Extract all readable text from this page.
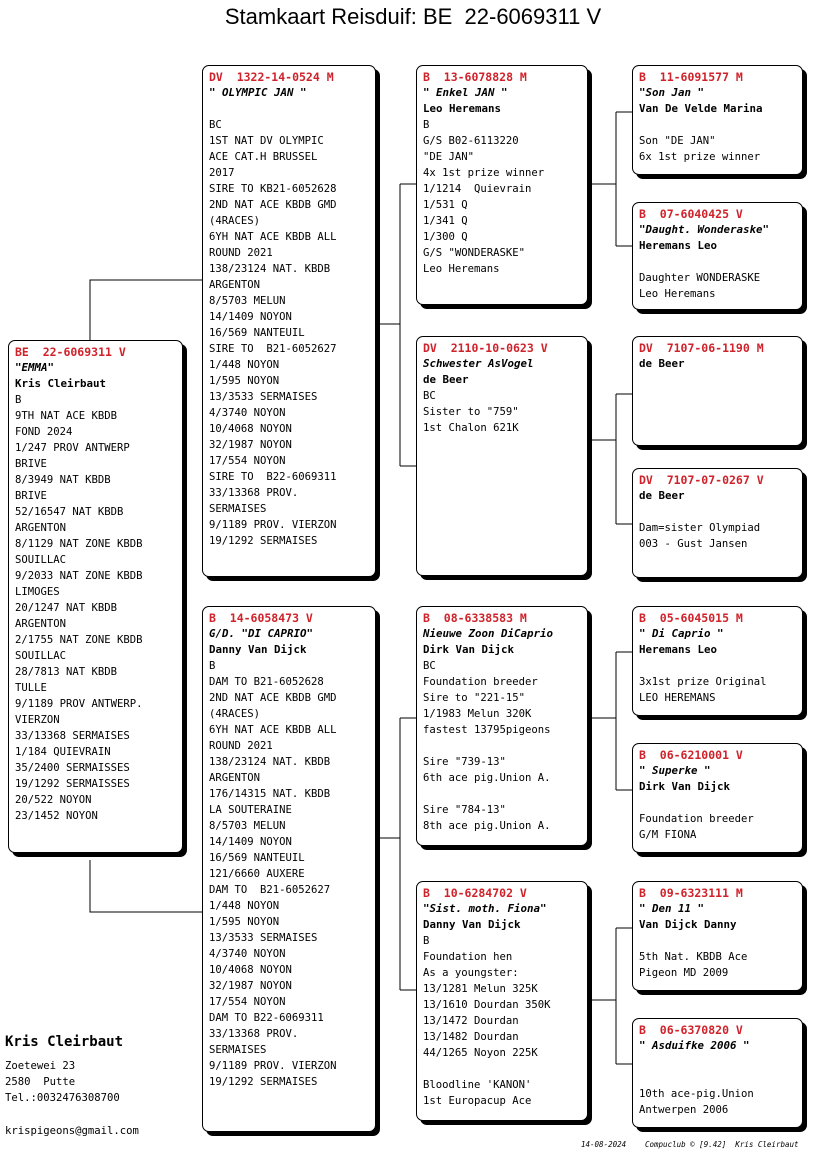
Stamkaart Reisduif: BE  22-6069311 V
BE  22-6069311 V
"EMMA"
Kris Cleirbaut
B
9TH NAT ACE KBDB
FOND 2024
1/247 PROV ANTWERP
BRIVE
8/3949 NAT KBDB
BRIVE
52/16547 NAT KBDB
ARGENTON
8/1129 NAT ZONE KBDB
SOUILLAC
9/2033 NAT ZONE KBDB
LIMOGES
20/1247 NAT KBDB
ARGENTON
2/1755 NAT ZONE KBDB
SOUILLAC
28/7813 NAT KBDB
TULLE
9/1189 PROV ANTWERP.
VIERZON
33/13368 SERMAISES
1/184 QUIEVRAIN
35/2400 SERMAISSES
19/1292 SERMAISSES
20/522 NOYON
23/1452 NOYON
DV  1322-14-0524 M
" OLYMPIC JAN "
BC
1ST NAT DV OLYMPIC
ACE CAT.H BRUSSEL
2017
SIRE TO KB21-6052628
2ND NAT ACE KBDB GMD
(4RACES)
6YH NAT ACE KBDB ALL
ROUND 2021
138/23124 NAT. KBDB
ARGENTON
8/5703 MELUN
14/1409 NOYON
16/569 NANTEUIL
SIRE TO  B21-6052627
1/448 NOYON
1/595 NOYON
13/3533 SERMAISES
4/3740 NOYON
10/4068 NOYON
32/1987 NOYON
17/554 NOYON
SIRE TO  B22-6069311
33/13368 PROV.
SERMAISES
9/1189 PROV. VIERZON
19/1292 SERMAISES
B  14-6058473 V
G/D. "DI CAPRIO"
Danny Van Dijck
B
DAM TO B21-6052628
2ND NAT ACE KBDB GMD
(4RACES)
6YH NAT ACE KBDB ALL
ROUND 2021
138/23124 NAT. KBDB
ARGENTON
176/14315 NAT. KBDB
LA SOUTERAINE
8/5703 MELUN
14/1409 NOYON
16/569 NANTEUIL
121/6660 AUXERE
DAM TO  B21-6052627
1/448 NOYON
1/595 NOYON
13/3533 SERMAISES
4/3740 NOYON
10/4068 NOYON
32/1987 NOYON
17/554 NOYON
DAM TO B22-6069311
33/13368 PROV.
SERMAISES
9/1189 PROV. VIERZON
19/1292 SERMAISES
B  13-6078828 M
" Enkel JAN "
Leo Heremans
B
G/S B02-6113220
"DE JAN"
4x 1st prize winner
1/1214  Quievrain
1/531 Q
1/341 Q
1/300 Q
G/S "WONDERASKE"
Leo Heremans
DV  2110-10-0623 V
Schwester AsVogel
de Beer
BC
Sister to "759"
1st Chalon 621K
B  08-6338583 M
Nieuwe Zoon DiCaprio
Dirk Van Dijck
BC
Foundation breeder
Sire to "221-15"
1/1983 Melun 320K
fastest 13795pigeons
Sire "739-13"
6th ace pig.Union A.
Sire "784-13"
8th ace pig.Union A.
B  10-6284702 V
"Sist. moth. Fiona"
Danny Van Dijck
B
Foundation hen
As a youngster:
13/1281 Melun 325K
13/1610 Dourdan 350K
13/1472 Dourdan
13/1482 Dourdan
44/1265 Noyon 225K
Bloodline 'KANON'
1st Europacup Ace
B  11-6091577 M
"Son Jan "
Van De Velde Marina
Son "DE JAN"
6x 1st prize winner
B  07-6040425 V
"Daught. Wonderaske"
Heremans Leo
Daughter WONDERASKE
Leo Heremans
DV  7107-06-1190 M
de Beer
DV  7107-07-0267 V
de Beer
Dam=sister Olympiad
003 - Gust Jansen
B  05-6045015 M
" Di Caprio "
Heremans Leo
3x1st prize Original
LEO HEREMANS
B  06-6210001 V
" Superke "
Dirk Van Dijck
Foundation breeder
G/M FIONA
B  09-6323111 M
" Den 11 "
Van Dijck Danny
5th Nat. KBDB Ace
Pigeon MD 2009
B  06-6370820 V
" Asduifke 2006 "
10th ace-pig.Union
Antwerpen 2006
Kris Cleirbaut
Zoetewei 23
2580  Putte
Tel.:0032476308700
krispigeons@gmail.com
14-08-2024	Compuclub © [9.42]  Kris Cleirbaut
